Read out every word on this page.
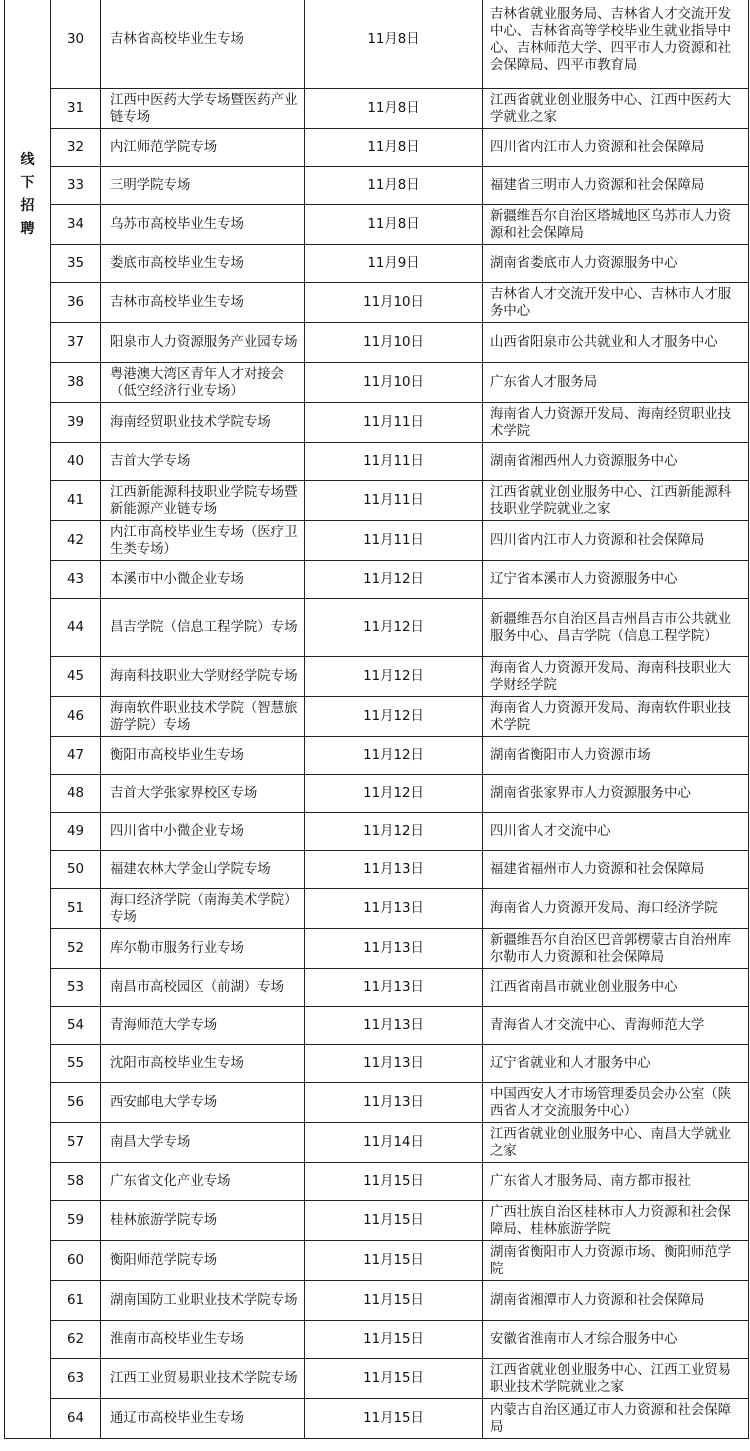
线下招聘	30	吉林省高校毕业生专场	11月8日	吉林省就业服务局、吉林省人才交流开发中心、吉林省高等学校毕业生就业指导中心、吉林师范大学、四平市人力资源和社会保障局、四平市教育局
	31	江西中医药大学专场暨医药产业链专场	11月8日	江西省就业创业服务中心、江西中医药大学就业之家
	32	内江师范学院专场	11月8日	四川省内江市人力资源和社会保障局
	33	三明学院专场	11月8日	福建省三明市人力资源和社会保障局
	34	乌苏市高校毕业生专场	11月8日	新疆维吾尔自治区塔城地区乌苏市人力资源和社会保障局
	35	娄底市高校毕业生专场	11月9日	湖南省娄底市人力资源服务中心
	36	吉林市高校毕业生专场	11月10日	吉林省人才交流开发中心、吉林市人才服务中心
	37	阳泉市人力资源服务产业园专场	11月10日	山西省阳泉市公共就业和人才服务中心
	38	粤港澳大湾区青年人才对接会（低空经济行业专场）	11月10日	广东省人才服务局
	39	海南经贸职业技术学院专场	11月11日	海南省人力资源开发局、海南经贸职业技术学院
	40	吉首大学专场	11月11日	湖南省湘西州人力资源服务中心
	41	江西新能源科技职业学院专场暨新能源产业链专场	11月11日	江西省就业创业服务中心、江西新能源科技职业学院就业之家
	42	内江市高校毕业生专场（医疗卫生类专场）	11月11日	四川省内江市人力资源和社会保障局
	43	本溪市中小微企业专场	11月12日	辽宁省本溪市人力资源服务中心
	44	昌吉学院（信息工程学院）专场	11月12日	新疆维吾尔自治区昌吉州昌吉市公共就业服务中心、昌吉学院（信息工程学院）
	45	海南科技职业大学财经学院专场	11月12日	海南省人力资源开发局、海南科技职业大学财经学院
	46	海南软件职业技术学院（智慧旅游学院）专场	11月12日	海南省人力资源开发局、海南软件职业技术学院
	47	衡阳市高校毕业生专场	11月12日	湖南省衡阳市人力资源市场
	48	吉首大学张家界校区专场	11月12日	湖南省张家界市人力资源服务中心
	49	四川省中小微企业专场	11月12日	四川省人才交流中心
	50	福建农林大学金山学院专场	11月13日	福建省福州市人力资源和社会保障局
	51	海口经济学院（南海美术学院）专场	11月13日	海南省人力资源开发局、海口经济学院
	52	库尔勒市服务行业专场	11月13日	新疆维吾尔自治区巴音郭楞蒙古自治州库尔勒市人力资源和社会保障局
	53	南昌市高校园区（前湖）专场	11月13日	江西省南昌市就业创业服务中心
	54	青海师范大学专场	11月13日	青海省人才交流中心、青海师范大学
	55	沈阳市高校毕业生专场	11月13日	辽宁省就业和人才服务中心
	56	西安邮电大学专场	11月13日	中国西安人才市场管理委员会办公室（陕西省人才交流服务中心）
	57	南昌大学专场	11月14日	江西省就业创业服务中心、南昌大学就业之家
	58	广东省文化产业专场	11月15日	广东省人才服务局、南方都市报社
	59	桂林旅游学院专场	11月15日	广西壮族自治区桂林市人力资源和社会保障局、桂林旅游学院
	60	衡阳师范学院专场	11月15日	湖南省衡阳市人力资源市场、衡阳师范学院
	61	湖南国防工业职业技术学院专场	11月15日	湖南省湘潭市人力资源和社会保障局
	62	淮南市高校毕业生专场	11月15日	安徽省淮南市人才综合服务中心
	63	江西工业贸易职业技术学院专场	11月15日	江西省就业创业服务中心、江西工业贸易职业技术学院就业之家
	64	通辽市高校毕业生专场	11月15日	内蒙古自治区通辽市人力资源和社会保障局
